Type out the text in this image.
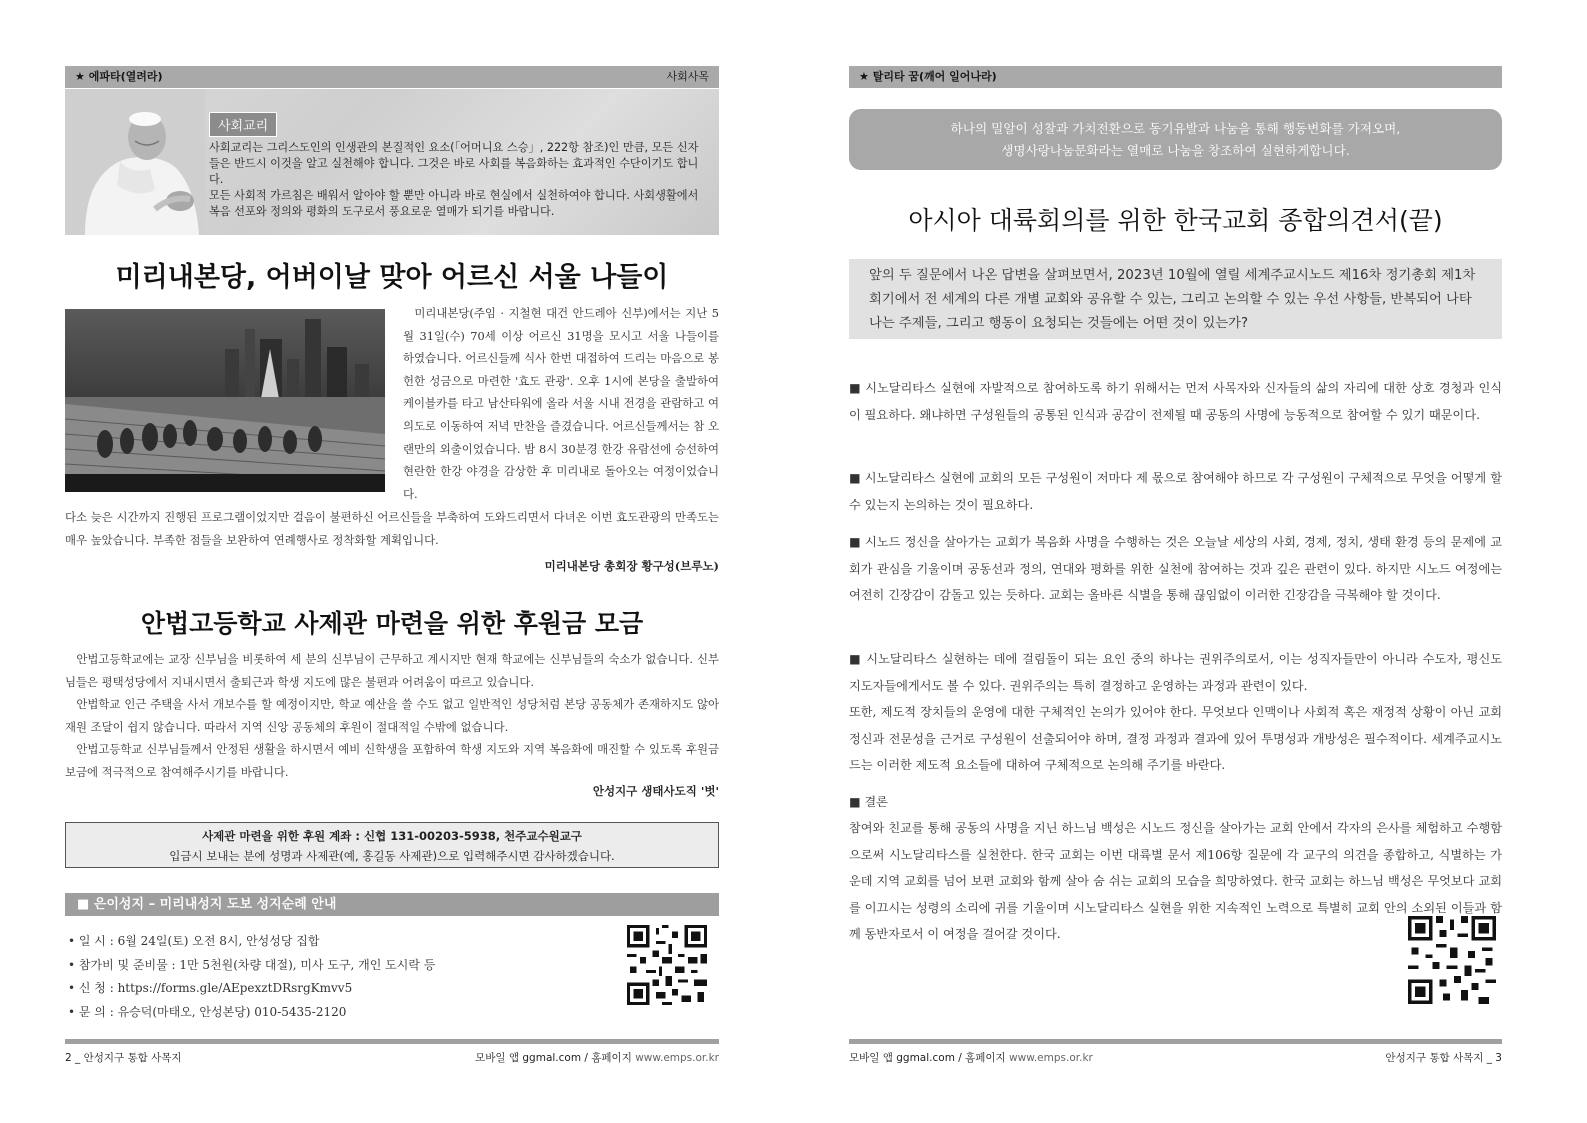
★ 에파타(열려라)	사회사목
사회교리

사회교리는 그리스도인의 인생관의 본질적인 요소(「어머니요 스승」, 222항 참조)인 만큼, 모든 신자들은 반드시 이것을 알고 실천해야 합니다. 그것은 바로 사회를 복음화하는 효과적인 수단이기도 합니다.

모든 사회적 가르침은 배워서 알아야 할 뿐만 아니라 바로 현실에서 실천하여야 합니다. 사회생활에서 복음 선포와 정의와 평화의 도구로서 풍요로운 열매가 되기를 바랍니다.

미리내본당, 어버이날 맞아 어르신 서울 나들이

미리내본당(주임 · 지철현 대건 안드레아 신부)에서는 지난 5월 31일(수) 70세 이상 어르신 31명을 모시고 서울 나들이를 하였습니다. 어르신들께 식사 한번 대접하여 드리는 마음으로 봉헌한 성금으로 마련한 '효도 관광'. 오후 1시에 본당을 출발하여 케이블카를 타고 남산타워에 올라 서울 시내 전경을 관람하고 여의도로 이동하여 저녁 만찬을 즐겼습니다. 어르신들께서는 참 오랜만의 외출이었습니다. 밤 8시 30분경 한강 유람선에 승선하여 현란한 한강 야경을 감상한 후 미리내로 돌아오는 여정이었습니다.

다소 늦은 시간까지 진행된 프로그램이었지만 걸음이 불편하신 어르신들을 부축하여 도와드리면서 다녀온 이번 효도관광의 만족도는 매우 높았습니다. 부족한 점들을 보완하여 연례행사로 정착화할 계획입니다.

미리내본당 총회장 황구성(브루노)
안법고등학교 사제관 마련을 위한 후원금 모금

안법고등학교에는 교장 신부님을 비롯하여 세 분의 신부님이 근무하고 계시지만 현재 학교에는 신부님들의 숙소가 없습니다. 신부님들은 평택성당에서 지내시면서 출퇴근과 학생 지도에 많은 불편과 어려움이 따르고 있습니다.

안법학교 인근 주택을 사서 개보수를 할 예정이지만, 학교 예산을 쓸 수도 없고 일반적인 성당처럼 본당 공동체가 존재하지도 않아 재원 조달이 쉽지 않습니다. 따라서 지역 신앙 공동체의 후원이 절대적일 수밖에 없습니다.

안법고등학교 신부님들께서 안정된 생활을 하시면서 예비 신학생을 포함하여 학생 지도와 지역 복음화에 매진할 수 있도록 후원금 보금에 적극적으로 참여해주시기를 바랍니다.

안성지구 생태사도직 '벗'
사제관 마련을 위한 후원 계좌 : 신협 131-00203-5938, 천주교수원교구
입금시 보내는 분에 성명과 사제관(예, 홍길동 사제관)으로 입력해주시면 감사하겠습니다.
■ 은이성지 – 미리내성지 도보 성지순례 안내
• 일 시 : 6월 24일(토) 오전 8시, 안성성당 집합
• 참가비 및 준비물 : 1만 5천원(차량 대절), 미사 도구, 개인 도시락 등
• 신 청 : https://forms.gle/AEpexztDRsrgKmvv5
• 문 의 : 유승덕(마태오, 안성본당) 010-5435-2120
2 _ 안성지구 통합 사목지	모바일 앱 ggmal.com / 홈페이지 www.emps.or.kr
★ 탈리타 꿈(깨어 일어나라)
하나의 밀알이 성찰과 가치전환으로 동기유발과 나눔을 통해 행동변화를 가져오며,
생명사랑나눔문화라는 열매로 나눔을 창조하여 실현하게합니다.
아시아 대륙회의를 위한 한국교회 종합의견서(끝)
앞의 두 질문에서 나온 답변을 살펴보면서, 2023년 10월에 열릴 세계주교시노드 제16차 정기총회 제1차 회기에서 전 세계의 다른 개별 교회와 공유할 수 있는, 그리고 논의할 수 있는 우선 사항들, 반복되어 나타나는 주제들, 그리고 행동이 요청되는 것들에는 어떤 것이 있는가?

■ 시노달리타스 실현에 자발적으로 참여하도록 하기 위해서는 먼저 사목자와 신자들의 삶의 자리에 대한 상호 경청과 인식이 필요하다. 왜냐하면 구성원들의 공통된 인식과 공감이 전제될 때 공동의 사명에 능동적으로 참여할 수 있기 때문이다.

■ 시노달리타스 실현에 교회의 모든 구성원이 저마다 제 몫으로 참여해야 하므로 각 구성원이 구체적으로 무엇을 어떻게 할 수 있는지 논의하는 것이 필요하다.

■ 시노드 정신을 살아가는 교회가 복음화 사명을 수행하는 것은 오늘날 세상의 사회, 경제, 정치, 생태 환경 등의 문제에 교회가 관심을 기울이며 공동선과 정의, 연대와 평화를 위한 실천에 참여하는 것과 깊은 관련이 있다. 하지만 시노드 여정에는 여전히 긴장감이 감돌고 있는 듯하다. 교회는 올바른 식별을 통해 끊임없이 이러한 긴장감을 극복해야 할 것이다.

■ 시노달리타스 실현하는 데에 걸림돌이 되는 요인 중의 하나는 권위주의로서, 이는 성직자들만이 아니라 수도자, 평신도 지도자들에게서도 볼 수 있다. 권위주의는 특히 결정하고 운영하는 과정과 관련이 있다.

또한, 제도적 장치들의 운영에 대한 구체적인 논의가 있어야 한다. 무엇보다 인맥이나 사회적 혹은 재정적 상황이 아닌 교회 정신과 전문성을 근거로 구성원이 선출되어야 하며, 결정 과정과 결과에 있어 투명성과 개방성은 필수적이다. 세계주교시노드는 이러한 제도적 요소들에 대하여 구체적으로 논의해 주기를 바란다.

■ 결론

참여와 친교를 통해 공동의 사명을 지닌 하느님 백성은 시노드 정신을 살아가는 교회 안에서 각자의 은사를 체험하고 수행함으로써 시노달리타스를 실천한다. 한국 교회는 이번 대륙별 문서 제106항 질문에 각 교구의 의견을 종합하고, 식별하는 가운데 지역 교회를 넘어 보편 교회와 함께 살아 숨 쉬는 교회의 모습을 희망하였다. 한국 교회는 하느님 백성은 무엇보다 교회를 이끄시는 성령의 소리에 귀를 기울이며 시노달리타스 실현을 위한 지속적인 노력으로 특별히 교회 안의 소외된 이들과 함께 동반자로서 이 여정을 걸어갈 것이다.

모바일 앱 ggmal.com / 홈페이지 www.emps.or.kr	안성지구 통합 사목지 _ 3
